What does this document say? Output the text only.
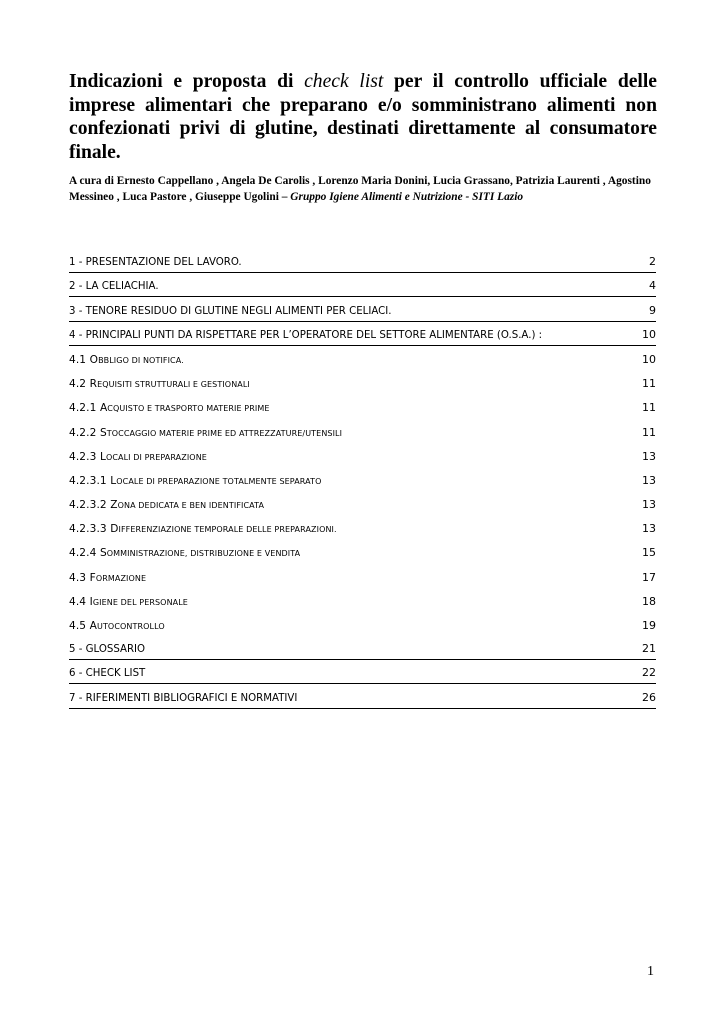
Indicazioni e proposta di check list per il controllo ufficiale delle imprese alimentari che preparano e/o somministrano alimenti non confezionati privi di glutine, destinati direttamente al consumatore finale.

A cura di Ernesto Cappellano , Angela De Carolis , Lorenzo Maria Donini, Lucia Grassano, Patrizia Laurenti , Agostino Messineo , Luca Pastore , Giuseppe Ugolini – Gruppo Igiene Alimenti e Nutrizione - SITI Lazio

1 - PRESENTAZIONE DEL LAVORO.	2
2 - LA CELIACHIA.	4
3 - TENORE RESIDUO DI GLUTINE NEGLI ALIMENTI PER CELIACI.	9
4 - PRINCIPALI PUNTI DA RISPETTARE PER L’OPERATORE DEL SETTORE ALIMENTARE (O.S.A.) :	10
4.1 OBBLIGO DI NOTIFICA.	10
4.2 REQUISITI STRUTTURALI E GESTIONALI	11
4.2.1 ACQUISTO E TRASPORTO MATERIE PRIME	11
4.2.2 STOCCAGGIO MATERIE PRIME ED ATTREZZATURE/UTENSILI	11
4.2.3 LOCALI DI PREPARAZIONE	13
4.2.3.1 LOCALE DI PREPARAZIONE TOTALMENTE SEPARATO	13
4.2.3.2 ZONA DEDICATA E BEN IDENTIFICATA	13
4.2.3.3 DIFFERENZIAZIONE TEMPORALE DELLE PREPARAZIONI.	13
4.2.4 SOMMINISTRAZIONE, DISTRIBUZIONE E VENDITA	15
4.3 FORMAZIONE	17
4.4 IGIENE DEL PERSONALE	18
4.5 AUTOCONTROLLO	19
5 - GLOSSARIO	21
6 - CHECK LIST	22
7 - RIFERIMENTI BIBLIOGRAFICI E NORMATIVI	26
1
